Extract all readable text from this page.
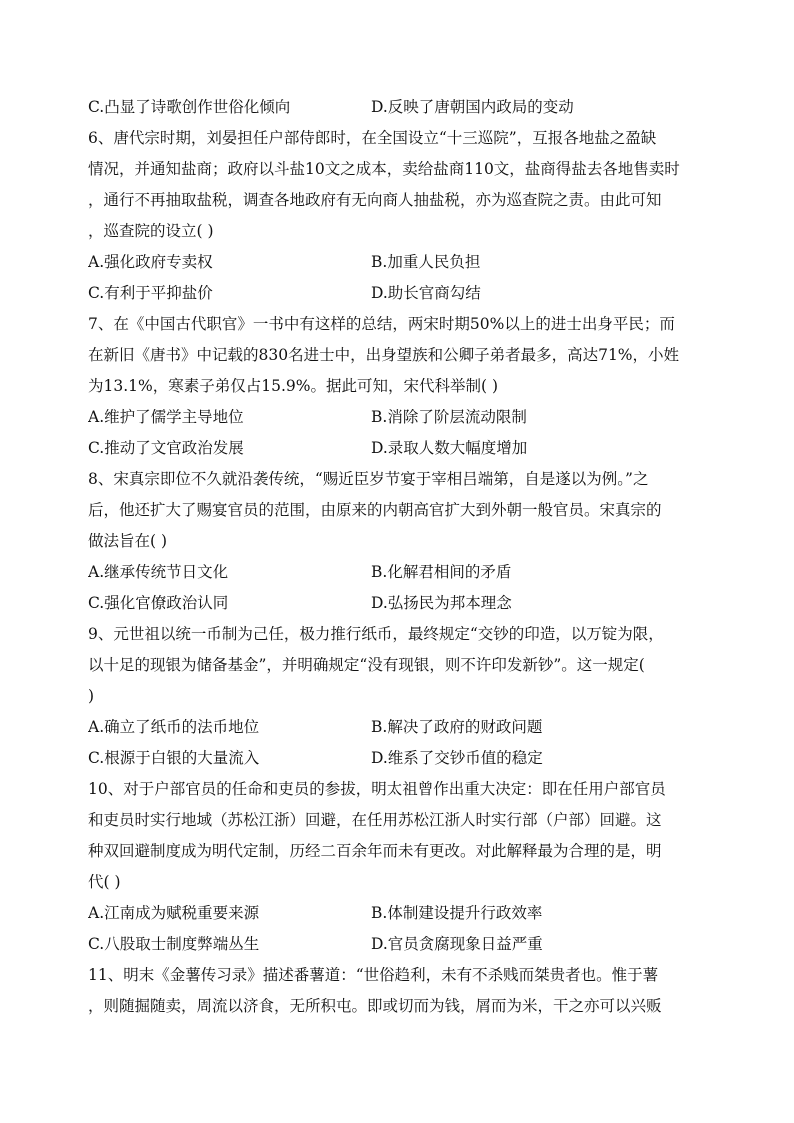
C.凸显了诗歌创作世俗化倾向	D.反映了唐朝国内政局的变动
6、唐代宗时期，刘晏担任户部侍郎时，在全国设立“十三巡院”，互报各地盐之盈缺
情况，并通知盐商；政府以斗盐10文之成本，卖给盐商110文，盐商得盐去各地售卖时
，通行不再抽取盐税，调查各地政府有无向商人抽盐税，亦为巡查院之责。由此可知
，巡查院的设立( )
A.强化政府专卖权	B.加重人民负担
C.有利于平抑盐价	D.助长官商勾结
7、在《中国古代职官》一书中有这样的总结，两宋时期50%以上的进士出身平民；而
在新旧《唐书》中记载的830名进士中，出身望族和公卿子弟者最多，高达71%，小姓
为13.1%，寒素子弟仅占15.9%。据此可知，宋代科举制( )
A.维护了儒学主导地位	B.消除了阶层流动限制
C.推动了文官政治发展	D.录取人数大幅度增加
8、宋真宗即位不久就沿袭传统，“赐近臣岁节宴于宰相吕端第，自是遂以为例。”之
后，他还扩大了赐宴官员的范围，由原来的内朝高官扩大到外朝一般官员。宋真宗的
做法旨在( )
A.继承传统节日文化	B.化解君相间的矛盾
C.强化官僚政治认同	D.弘扬民为邦本理念
9、元世祖以统一币制为己任，极力推行纸币，最终规定“交钞的印造，以万锭为限，
以十足的现银为储备基金”，并明确规定“没有现银，则不许印发新钞”。这一规定(
)
A.确立了纸币的法币地位	B.解决了政府的财政问题
C.根源于白银的大量流入	D.维系了交钞币值的稳定
10、对于户部官员的任命和吏员的参拔，明太祖曾作出重大决定：即在任用户部官员
和吏员时实行地域（苏松江浙）回避，在任用苏松江浙人时实行部（户部）回避。这
种双回避制度成为明代定制，历经二百余年而未有更改。对此解释最为合理的是，明
代( )
A.江南成为赋税重要来源	B.体制建设提升行政效率
C.八股取士制度弊端丛生	D.官员贪腐现象日益严重
11、明末《金薯传习录》描述番薯道：“世俗趋利，未有不杀贱而桀贵者也。惟于薯
，则随掘随卖，周流以济食，无所积屯。即或切而为钱，屑而为米，干之亦可以兴贩
